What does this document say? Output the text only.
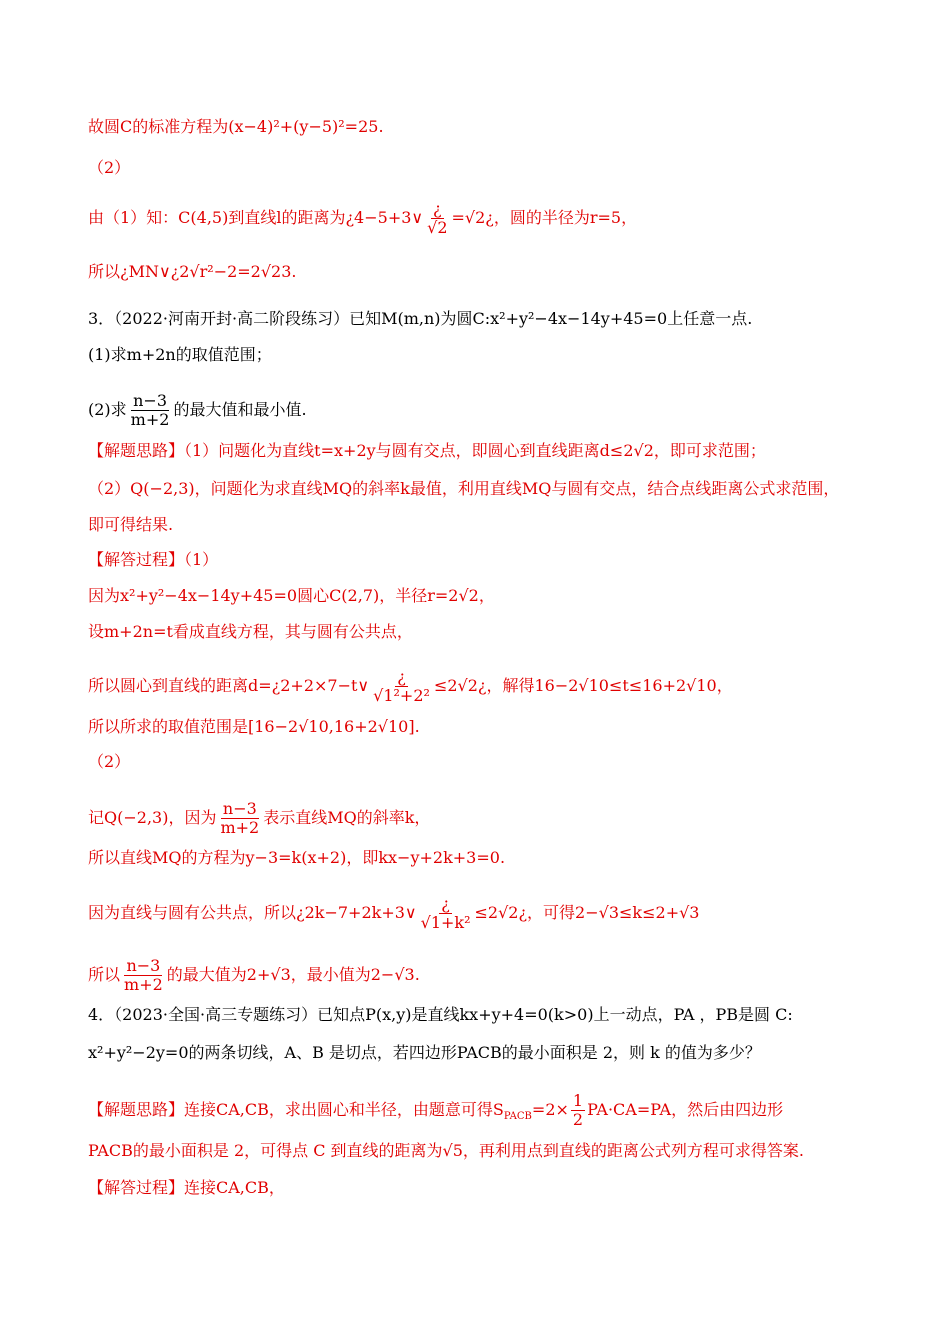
故圆C的标准方程为(x−4)²+(y−5)²=25.
（2）
由（1）知：C(4,5)到直线l的距离为¿4−5+3∨ $\frac{¿}{√2}$ =√2¿，圆的半径为r=5，
所以¿MN∨¿2√r²−2=2√23.
3．（2022·河南开封·高二阶段练习）已知M(m,n)为圆C:x²+y²−4x−14y+45=0上任意一点.
(1)求m+2n的取值范围；
(2)求 $\frac{n-3}{m+2}$ 的最大值和最小值.
【解题思路】（1）问题化为直线t=x+2y与圆有交点，即圆心到直线距离d≤2√2，即可求范围；
（2）Q(−2,3)，问题化为求直线MQ的斜率k最值，利用直线MQ与圆有交点，结合点线距离公式求范围，
即可得结果.
【解答过程】（1）
因为x²+y²−4x−14y+45=0圆心C(2,7)，半径r=2√2，
设m+2n=t看成直线方程，其与圆有公共点，
所以圆心到直线的距离d=¿2+2×7−t∨ $\frac{¿}{\text{√1²+2²}}$ ≤2√2¿，解得16−2√10≤t≤16+2√10，
所以所求的取值范围是[16−2√10,16+2√10].
（2）
记Q(−2,3)，因为 $\frac{n-3}{m+2}$ 表示直线MQ的斜率k，
所以直线MQ的方程为y−3=k(x+2)，即kx−y+2k+3=0.
因为直线与圆有公共点，所以¿2k−7+2k+3∨ $\frac{¿}{\text{√1+k²}}$ ≤2√2¿，可得2−√3≤k≤2+√3
所以 $\frac{n-3}{m+2}$ 的最大值为2+√3，最小值为2−√3.
4．（2023·全国·高三专题练习）已知点P(x,y)是直线kx+y+4=0(k>0)上一动点，PA ，PB是圆 C:
x²+y²−2y=0的两条切线，A、B 是切点，若四边形PACB的最小面积是 2，则 k 的值为多少？
【解题思路】连接CA,CB，求出圆心和半径，由题意可得$S_{PACB}=2\times \frac{1}{2} PA\cdot CA=PA$，然后由四边形
PACB的最小面积是 2，可得点 C 到直线的距离为√5，再利用点到直线的距离公式列方程可求得答案.
【解答过程】连接CA,CB，
